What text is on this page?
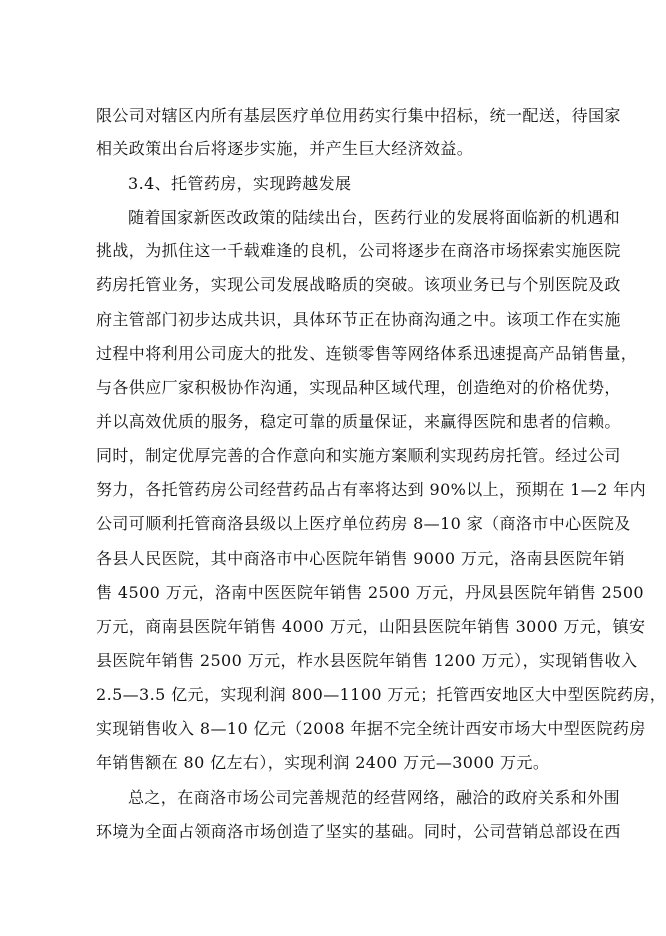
限公司对辖区内所有基层医疗单位用药实行集中招标，统一配送，待国家
相关政策出台后将逐步实施，并产生巨大经济效益。
3.4、托管药房，实现跨越发展
随着国家新医改政策的陆续出台，医药行业的发展将面临新的机遇和
挑战，为抓住这一千载难逢的良机，公司将逐步在商洛市场探索实施医院
药房托管业务，实现公司发展战略质的突破。该项业务已与个别医院及政
府主管部门初步达成共识，具体环节正在协商沟通之中。该项工作在实施
过程中将利用公司庞大的批发、连锁零售等网络体系迅速提高产品销售量，
与各供应厂家积极协作沟通，实现品种区域代理，创造绝对的价格优势，
并以高效优质的服务，稳定可靠的质量保证，来赢得医院和患者的信赖。
同时，制定优厚完善的合作意向和实施方案顺利实现药房托管。经过公司
努力，各托管药房公司经营药品占有率将达到 90%以上，预期在 1—2 年内
公司可顺利托管商洛县级以上医疗单位药房 8—10 家（商洛市中心医院及
各县人民医院，其中商洛市中心医院年销售 9000 万元，洛南县医院年销
售 4500 万元，洛南中医医院年销售 2500 万元，丹凤县医院年销售 2500
万元，商南县医院年销售 4000 万元，山阳县医院年销售 3000 万元，镇安
县医院年销售 2500 万元，柞水县医院年销售 1200 万元），实现销售收入
2.5—3.5 亿元，实现利润 800—1100 万元；托管西安地区大中型医院药房，
实现销售收入 8—10 亿元（2008 年据不完全统计西安市场大中型医院药房
年销售额在 80 亿左右），实现利润 2400 万元—3000 万元。
总之，在商洛市场公司完善规范的经营网络，融洽的政府关系和外围
环境为全面占领商洛市场创造了坚实的基础。同时，公司营销总部设在西
